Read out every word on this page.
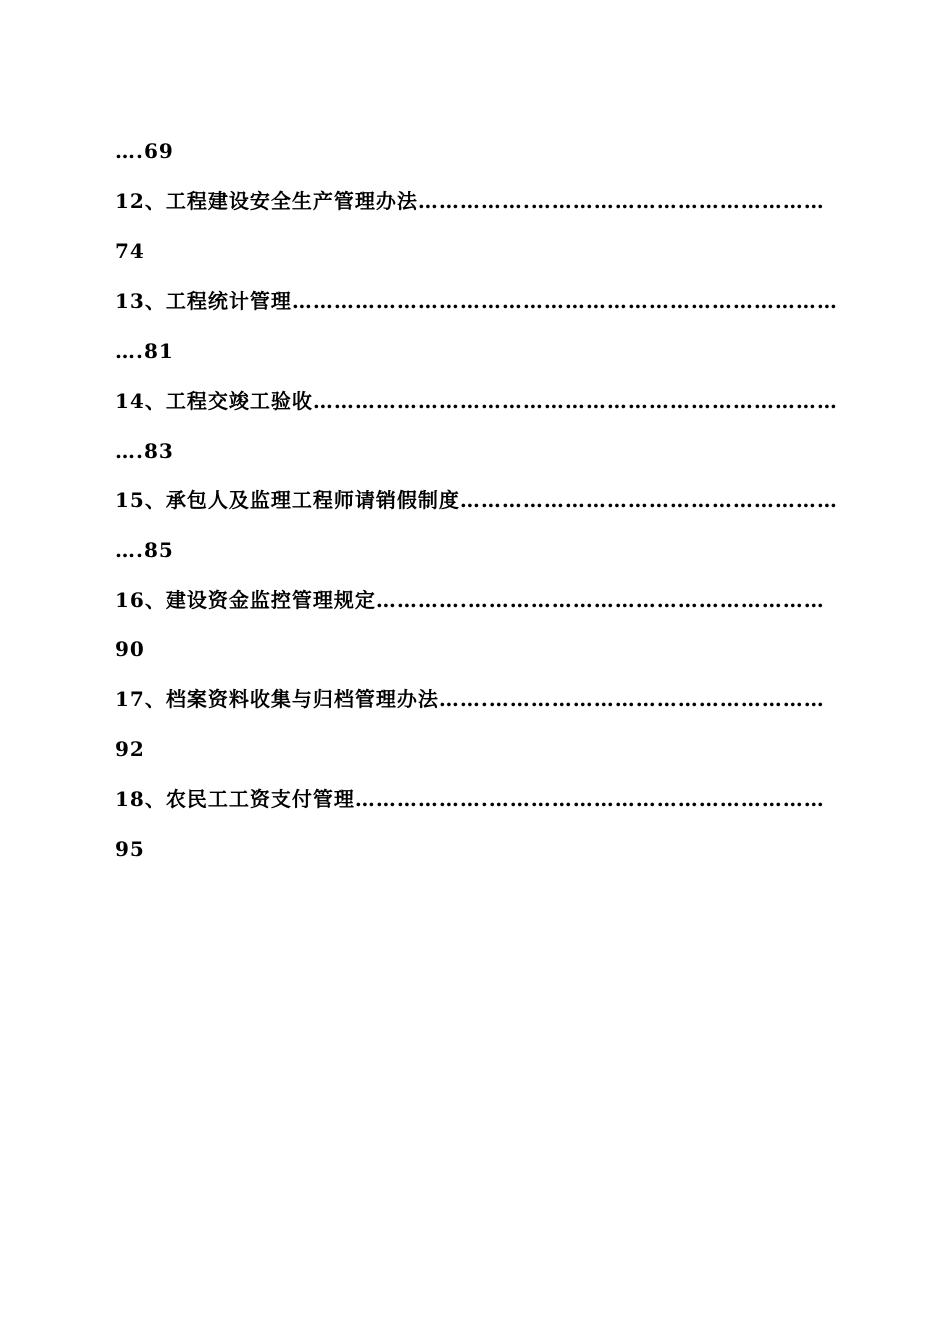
….69
12、工程建设安全生产管理办法…………….……………………………………
74
13、工程统计管理……………………………………………………………………
….81
14、工程交竣工验收…………………………………………………………………
….83
15、承包人及监理工程师请销假制度………………………………………………
….85
16、建设资金监控管理规定………….……………………………………………
90
17、档案资料收集与归档管理办法…….…………………………………………
92
18、农民工工资支付管理……………….…………………………………………
95
